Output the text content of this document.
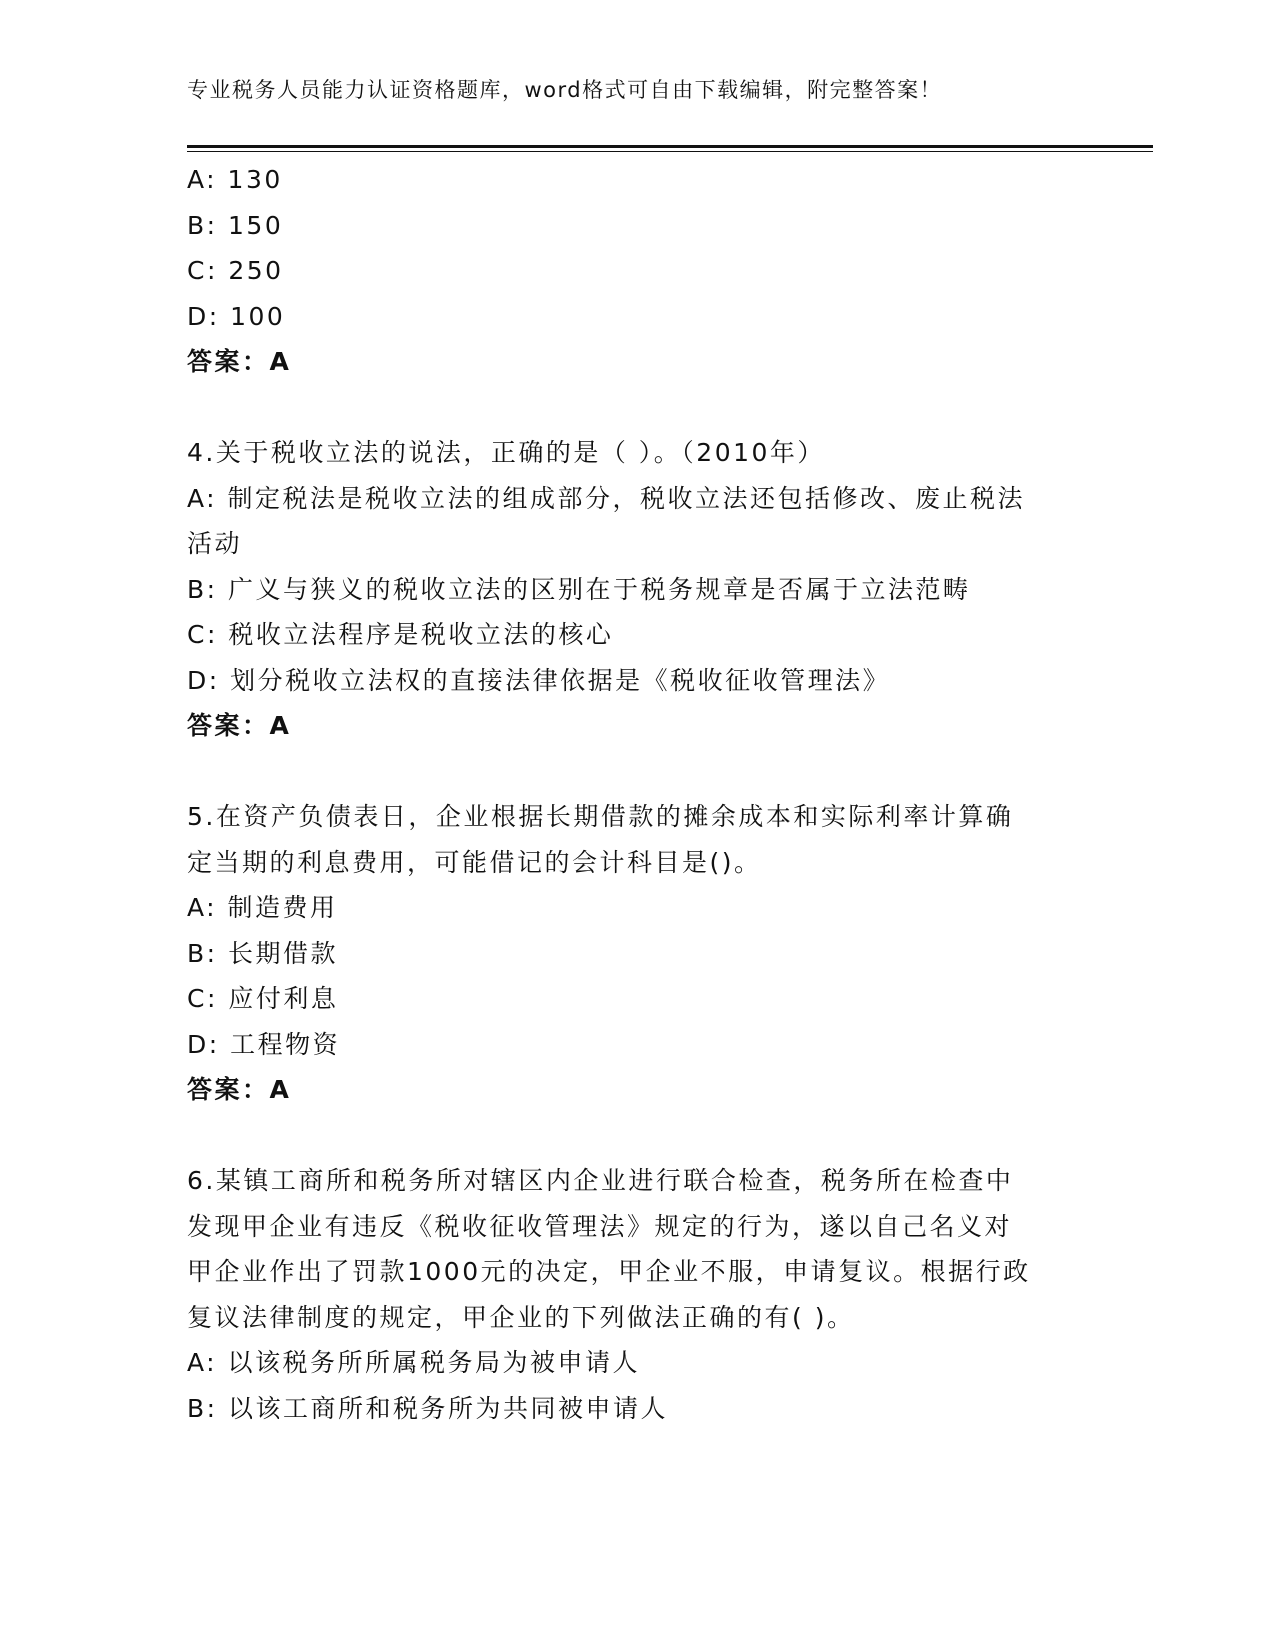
专业税务人员能力认证资格题库，word格式可自由下载编辑，附完整答案！
A: 130
B: 150
C: 250
D: 100
答案：A
4.关于税收立法的说法，正确的是（ ）。（2010年）
A: 制定税法是税收立法的组成部分，税收立法还包括修改、废止税法
活动
B: 广义与狭义的税收立法的区别在于税务规章是否属于立法范畴
C: 税收立法程序是税收立法的核心
D: 划分税收立法权的直接法律依据是《税收征收管理法》
答案：A
5.在资产负债表日，企业根据长期借款的摊余成本和实际利率计算确
定当期的利息费用，可能借记的会计科目是()。
A: 制造费用
B: 长期借款
C: 应付利息
D: 工程物资
答案：A
6.某镇工商所和税务所对辖区内企业进行联合检查，税务所在检查中
发现甲企业有违反《税收征收管理法》规定的行为，遂以自己名义对
甲企业作出了罚款1000元的决定，甲企业不服，申请复议。根据行政
复议法律制度的规定，甲企业的下列做法正确的有( )。
A: 以该税务所所属税务局为被申请人
B: 以该工商所和税务所为共同被申请人
